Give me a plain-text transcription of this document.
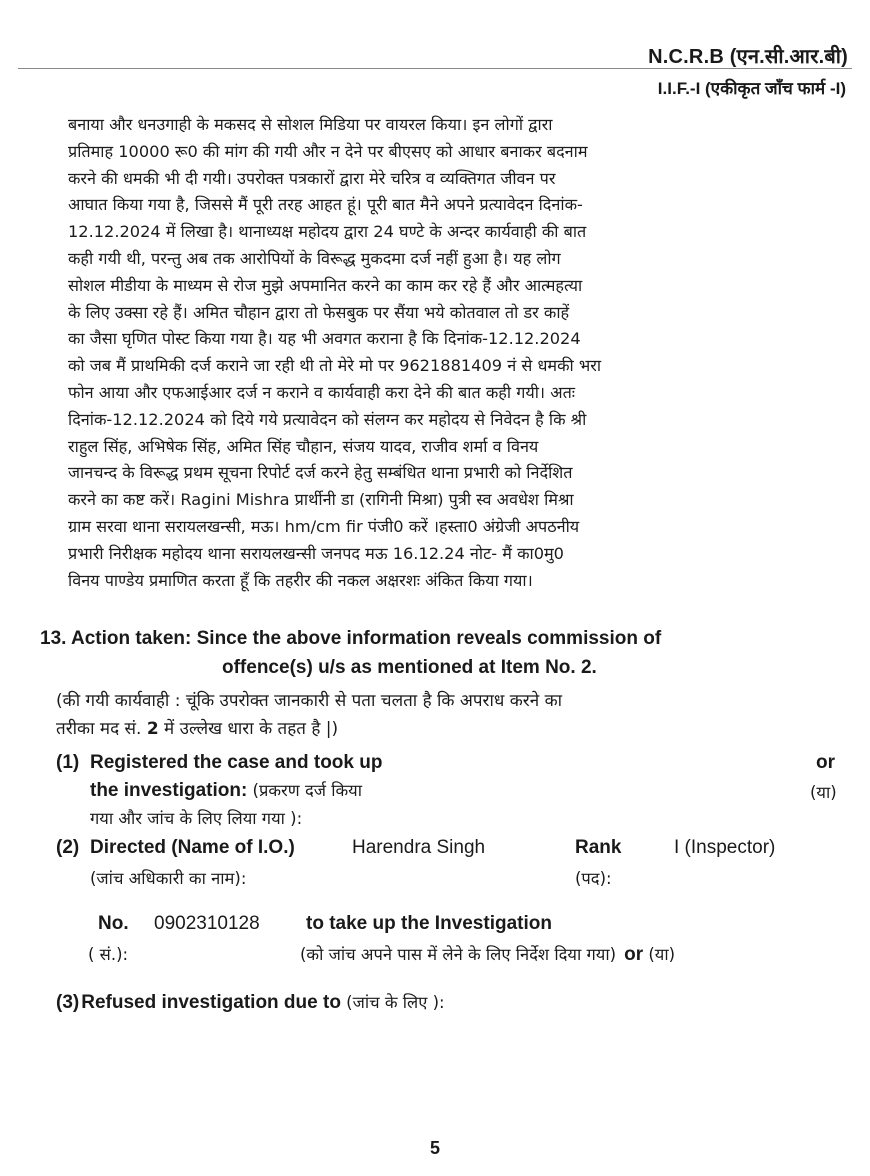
N.C.R.B (एन.सी.आर.बी)
I.I.F.-I (एकीकृत जाँच फार्म -I)
बनाया और धनउगाही के मकसद से सोशल मिडिया पर वायरल किया। इन लोगों द्वारा
प्रतिमाह 10000 रू0 की मांग की गयी और न देने पर बीएसए को आधार बनाकर बदनाम
करने की धमकी भी दी गयी। उपरोक्त पत्रकारों द्वारा मेरे चरित्र व व्यक्तिगत जीवन पर
आघात किया गया है, जिससे मैं पूरी तरह आहत हूं। पूरी बात मैने अपने प्रत्यावेदन दिनांक-
12.12.2024 में लिखा है। थानाध्यक्ष महोदय द्वारा 24 घण्टे के अन्दर कार्यवाही की बात
कही गयी थी, परन्तु अब तक आरोपियों के विरूद्ध मुकदमा दर्ज नहीं हुआ है। यह लोग
सोशल मीडीया के माध्यम से रोज मुझे अपमानित करने का काम कर रहे हैं और आत्महत्या
के लिए उक्सा रहे हैं। अमित चौहान द्वारा तो फेसबुक पर सैंया भये कोतवाल तो डर काहें
का जैसा घृणित पोस्ट किया गया है। यह भी अवगत कराना है कि दिनांक-12.12.2024
को जब मैं प्राथमिकी दर्ज कराने जा रही थी तो मेरे मो पर 9621881409 नं से धमकी भरा
फोन आया और एफआईआर दर्ज न कराने व कार्यवाही करा देने की बात कही गयी। अतः
दिनांक-12.12.2024 को दिये गये प्रत्यावेदन को संलग्न कर महोदय से निवेदन है कि श्री
राहुल सिंह, अभिषेक सिंह, अमित सिंह चौहान, संजय यादव, राजीव शर्मा व विनय
जानचन्द के विरूद्ध प्रथम सूचना रिपोर्ट दर्ज करने हेतु सम्बंधित थाना प्रभारी को निर्देशित
करने का कष्ट करें। Ragini Mishra प्रार्थीनी डा (रागिनी मिश्रा) पुत्री स्व अवधेश मिश्रा
ग्राम सरवा थाना सरायलखन्सी, मऊ। hm/cm fir पंजी0 करें ।हस्ता0 अंग्रेजी अपठनीय
प्रभारी निरीक्षक महोदय थाना सरायलखन्सी जनपद मऊ 16.12.24 नोट- मैं का0मु0
विनय पाण्डेय प्रमाणित करता हूँ कि तहरीर की नकल अक्षरशः अंकित किया गया।
13. Action taken: Since the above information reveals commission of
offence(s) u/s as mentioned at Item No. 2.
(की गयी कार्यवाही : चूंकि उपरोक्त जानकारी से पता चलता है कि अपराध करने का
तरीका मद सं. 2 में उल्लेख धारा के तहत है |)
(1) Registered the case and took up
the investigation: (प्रकरण दर्ज किया
गया और जांच के लिए लिया गया ):
or
(या)
(2) Directed (Name of I.O.)	Harendra Singh	Rank	I (Inspector)
(जांच अधिकारी का नाम):	(पद):
No. 0902310128 to take up the Investigation
( सं.):	(को जांच अपने पास में लेने के लिए निर्देश दिया गया) or (या)
(3) Refused investigation due to (जांच के लिए ):
5
